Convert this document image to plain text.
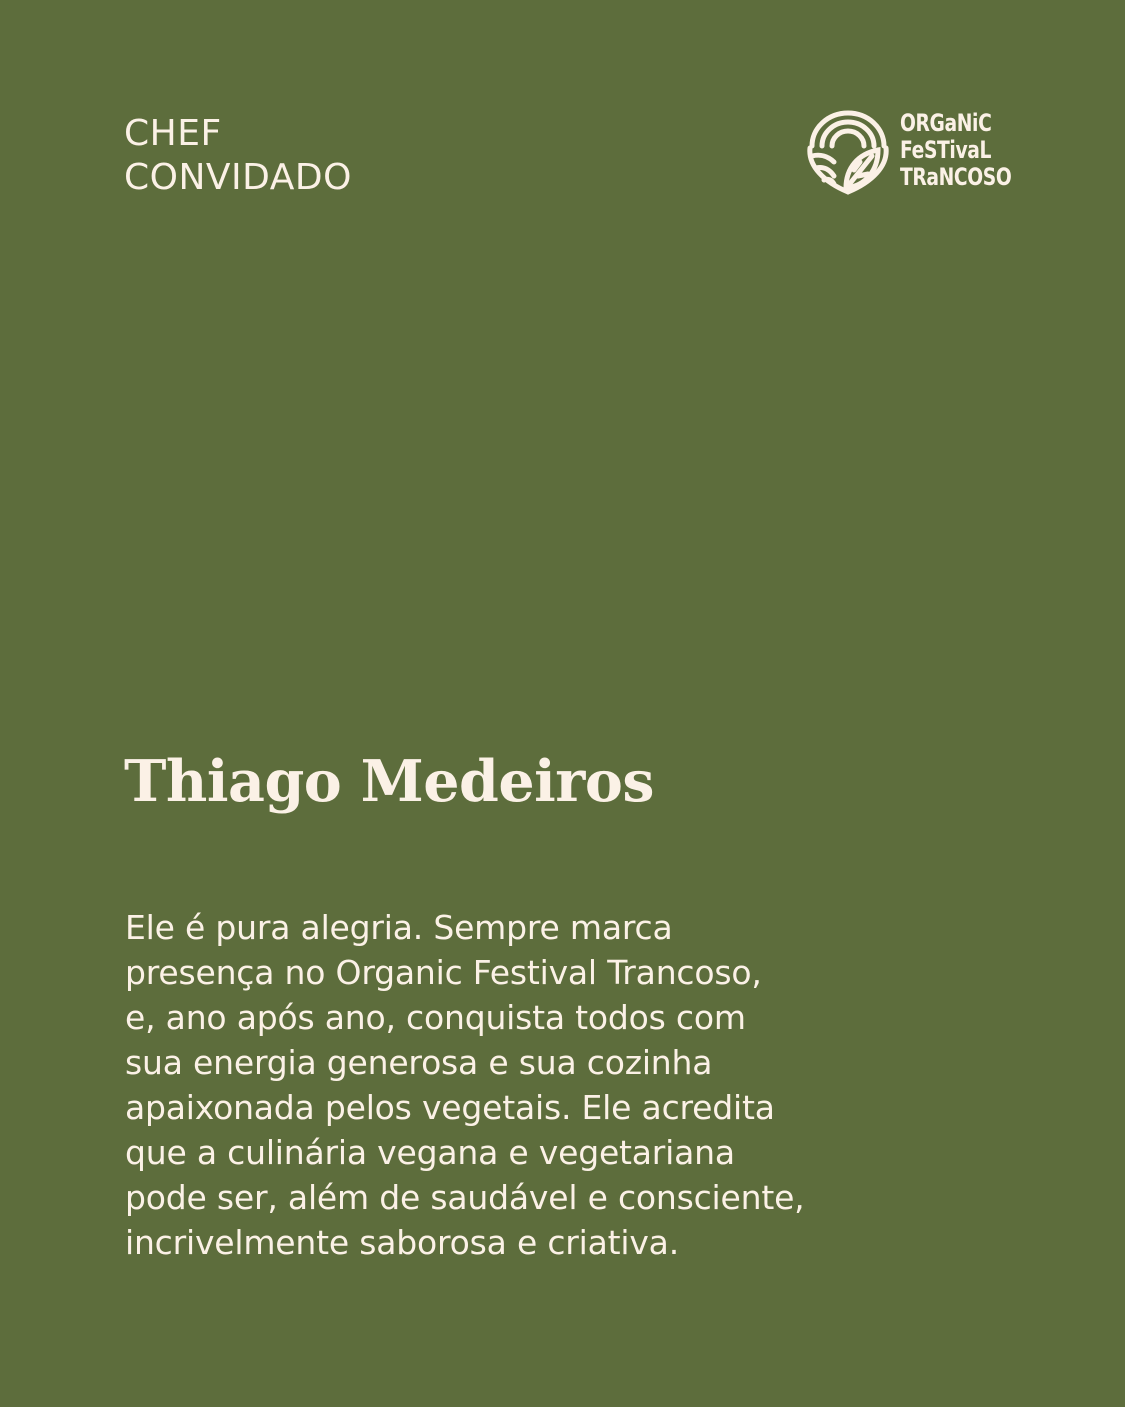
CHEF
CONVIDADO
ORGaNiC
FeSTivaL
TRaNCOSO
Thiago Medeiros
Ele é pura alegria. Sempre marca
presença no Organic Festival Trancoso,
e, ano após ano, conquista todos com
sua energia generosa e sua cozinha
apaixonada pelos vegetais. Ele acredita
que a culinária vegana e vegetariana
pode ser, além de saudável e consciente,
incrivelmente saborosa e criativa.
